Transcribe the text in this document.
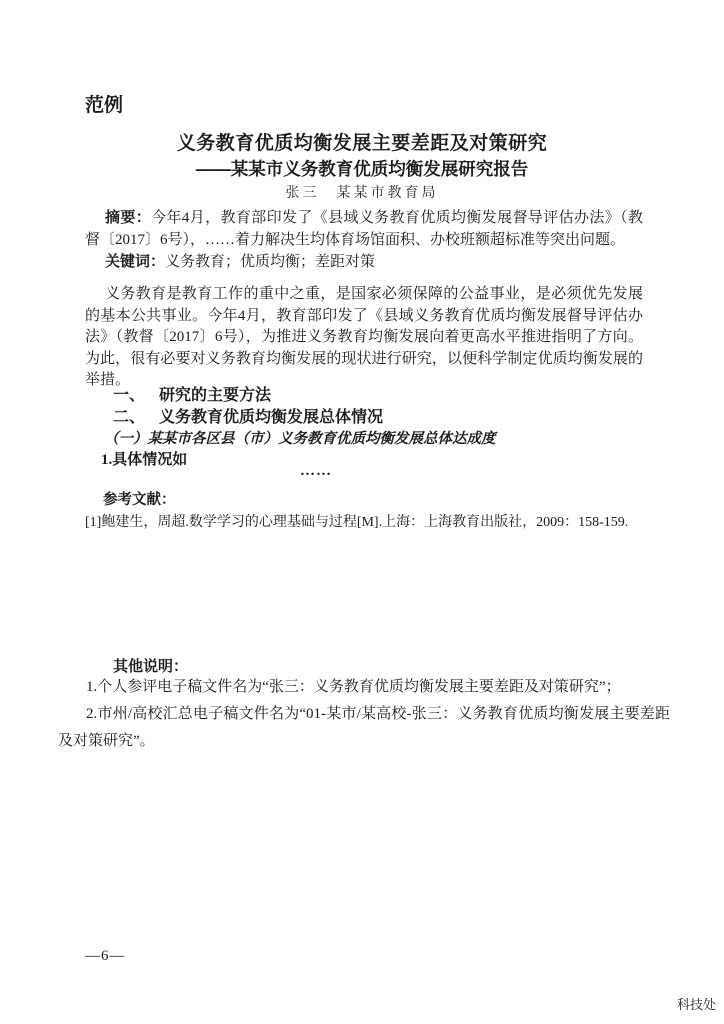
范例
义务教育优质均衡发展主要差距及对策研究
——某某市义务教育优质均衡发展研究报告
张三　某某市教育局

摘要：今年4月，教育部印发了《县域义务教育优质均衡发展督导评估办法》（教督〔2017〕6号），……着力解决生均体育场馆面积、办校班额超标准等突出问题。

关键词：义务教育；优质均衡；差距对策

义务教育是教育工作的重中之重，是国家必须保障的公益事业，是必须优先发展的基本公共事业。今年4月，教育部印发了《县域义务教育优质均衡发展督导评估办法》（教督〔2017〕6号），为推进义务教育均衡发展向着更高水平推进指明了方向。为此，很有必要对义务教育均衡发展的现状进行研究，以便科学制定优质均衡发展的举措。

一、 研究的主要方法
二、 义务教育优质均衡发展总体情况
（一）某某市各区县（市）义务教育优质均衡发展总体达成度
1.具体情况如
……
参考文献：
[1]鲍建生，周超.数学学习的心理基础与过程[M].上海：上海教育出版社，2009：158-159.
其他说明：

1.个人参评电子稿文件名为“张三：义务教育优质均衡发展主要差距及对策研究”；

2.市州/高校汇总电子稿文件名为“01-某市/某高校-张三：义务教育优质均衡发展主要差距及对策研究”。

—6—
科技处
